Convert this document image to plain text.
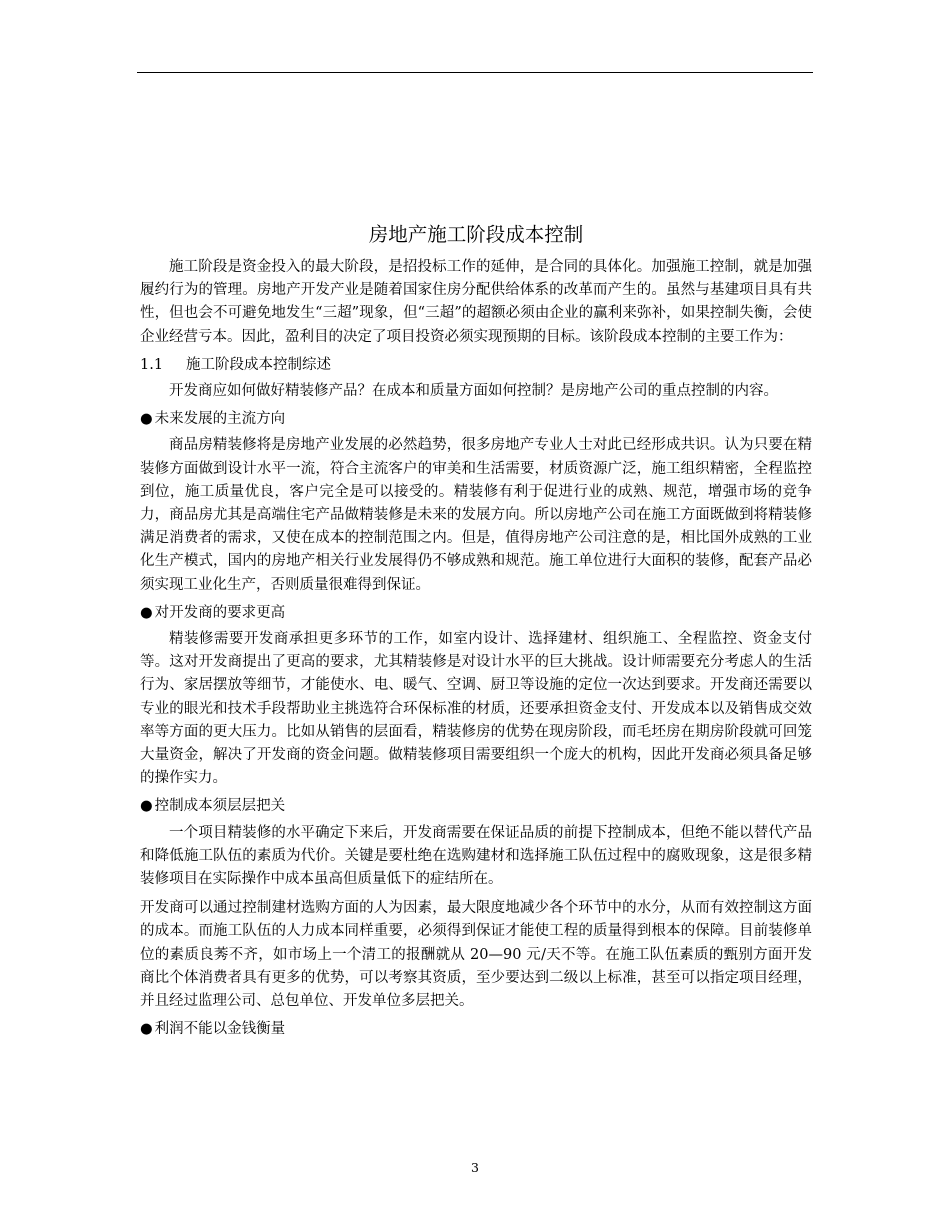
房地产施工阶段成本控制

施工阶段是资金投入的最大阶段，是招投标工作的延伸，是合同的具体化。加强施工控制，就是加强履约行为的管理。房地产开发产业是随着国家住房分配供给体系的改革而产生的。虽然与基建项目具有共性，但也会不可避免地发生“三超”现象，但“三超”的超额必须由企业的赢利来弥补，如果控制失衡，会使企业经营亏本。因此，盈利目的决定了项目投资必须实现预期的目标。该阶段成本控制的主要工作为：

1.1 施工阶段成本控制综述

开发商应如何做好精装修产品？在成本和质量方面如何控制？是房地产公司的重点控制的内容。

● 未来发展的主流方向

商品房精装修将是房地产业发展的必然趋势，很多房地产专业人士对此已经形成共识。认为只要在精装修方面做到设计水平一流，符合主流客户的审美和生活需要，材质资源广泛，施工组织精密，全程监控到位，施工质量优良，客户完全是可以接受的。精装修有利于促进行业的成熟、规范，增强市场的竞争力，商品房尤其是高端住宅产品做精装修是未来的发展方向。所以房地产公司在施工方面既做到将精装修满足消费者的需求，又使在成本的控制范围之内。但是，值得房地产公司注意的是，相比国外成熟的工业化生产模式，国内的房地产相关行业发展得仍不够成熟和规范。施工单位进行大面积的装修，配套产品必须实现工业化生产，否则质量很难得到保证。

● 对开发商的要求更高

精装修需要开发商承担更多环节的工作，如室内设计、选择建材、组织施工、全程监控、资金支付等。这对开发商提出了更高的要求，尤其精装修是对设计水平的巨大挑战。设计师需要充分考虑人的生活行为、家居摆放等细节，才能使水、电、暖气、空调、厨卫等设施的定位一次达到要求。开发商还需要以专业的眼光和技术手段帮助业主挑选符合环保标准的材质，还要承担资金支付、开发成本以及销售成交效率等方面的更大压力。比如从销售的层面看，精装修房的优势在现房阶段，而毛坯房在期房阶段就可回笼大量资金，解决了开发商的资金问题。做精装修项目需要组织一个庞大的机构，因此开发商必须具备足够的操作实力。

● 控制成本须层层把关

一个项目精装修的水平确定下来后，开发商需要在保证品质的前提下控制成本，但绝不能以替代产品和降低施工队伍的素质为代价。关键是要杜绝在选购建材和选择施工队伍过程中的腐败现象，这是很多精装修项目在实际操作中成本虽高但质量低下的症结所在。

开发商可以通过控制建材选购方面的人为因素，最大限度地减少各个环节中的水分，从而有效控制这方面的成本。而施工队伍的人力成本同样重要，必须得到保证才能使工程的质量得到根本的保障。目前装修单位的素质良莠不齐，如市场上一个清工的报酬就从 20—90 元/天不等。在施工队伍素质的甄别方面开发商比个体消费者具有更多的优势，可以考察其资质，至少要达到二级以上标准，甚至可以指定项目经理，并且经过监理公司、总包单位、开发单位多层把关。

● 利润不能以金钱衡量

3
